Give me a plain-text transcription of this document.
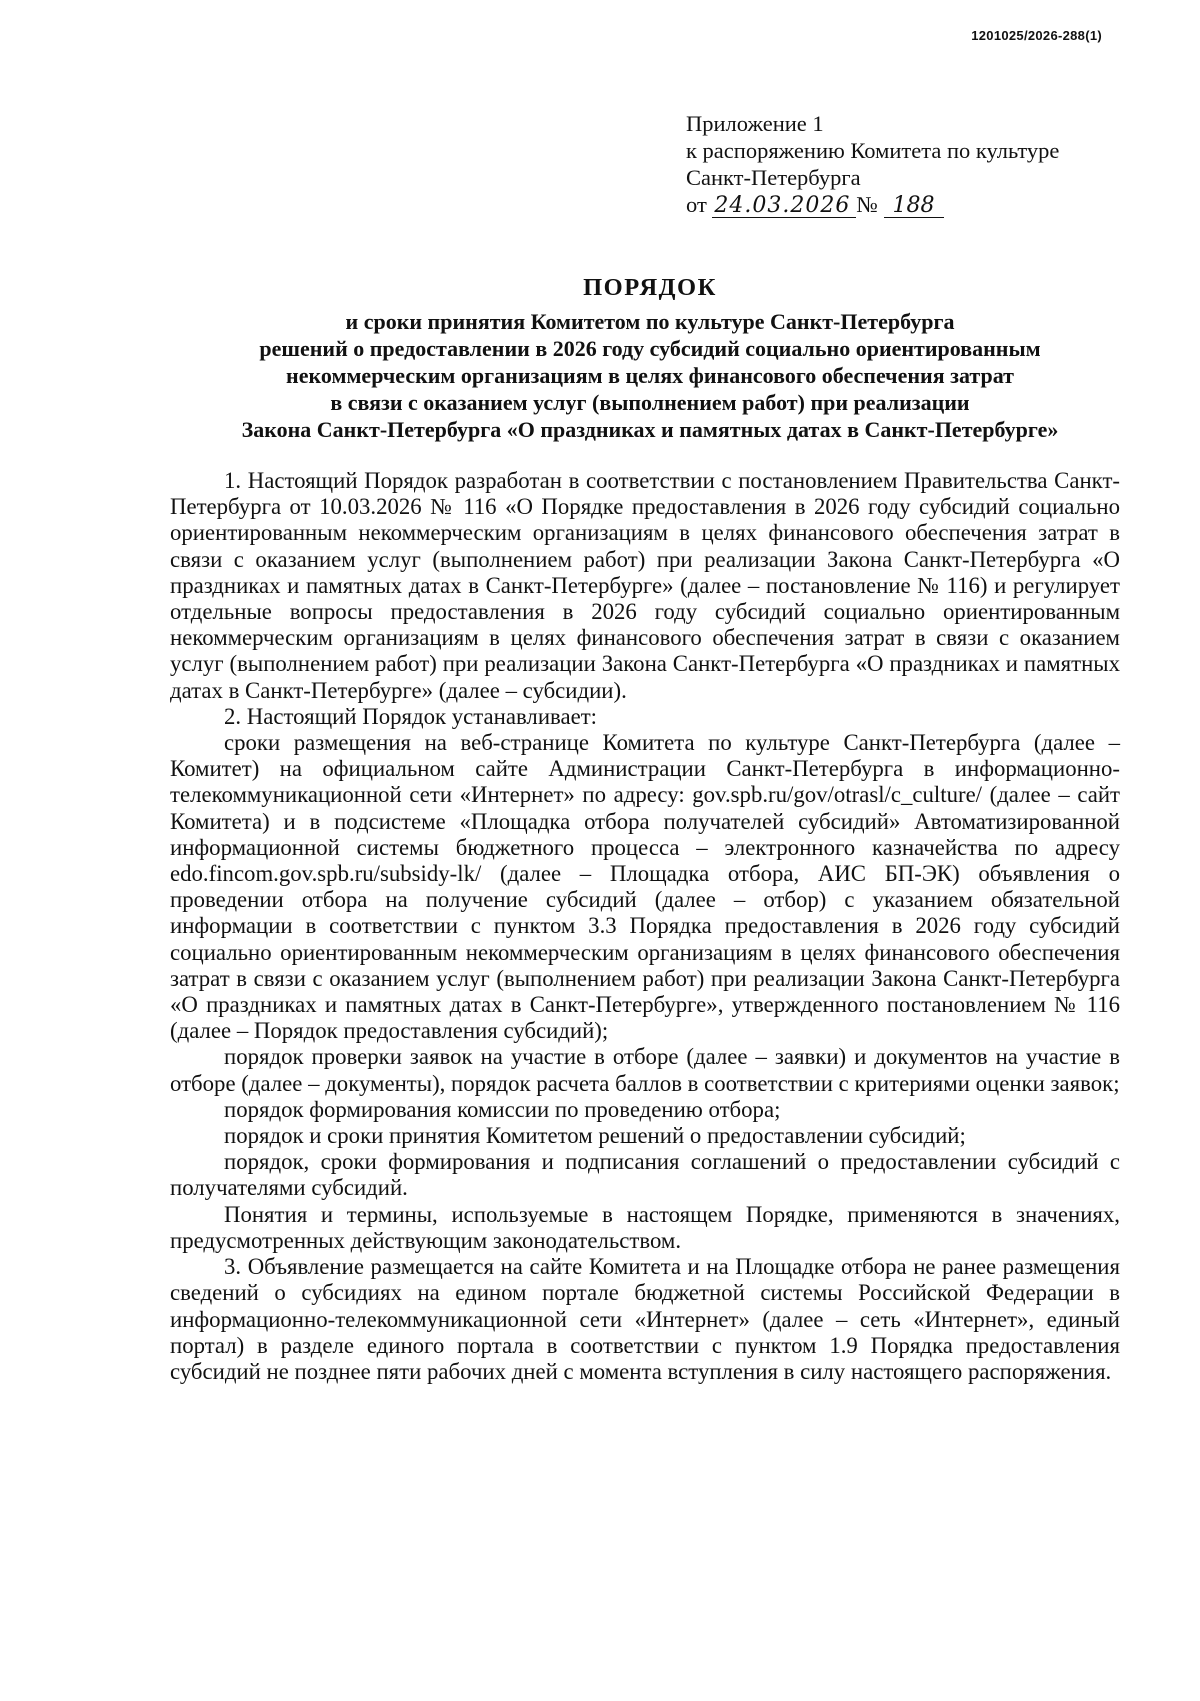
1201025/2026-288(1)
Приложение 1
к распоряжению Комитета по культуре
Санкт-Петербурга
от 24.03.2026 № 188
ПОРЯДОК
и сроки принятия Комитетом по культуре Санкт-Петербурга
решений о предоставлении в 2026 году субсидий социально ориентированным
некоммерческим организациям в целях финансового обеспечения затрат
в связи с оказанием услуг (выполнением работ) при реализации
Закона Санкт-Петербурга «О праздниках и памятных датах в Санкт-Петербурге»

1. Настоящий Порядок разработан в соответствии с постановлением Правительства Санкт-Петербурга от 10.03.2026 № 116 «О Порядке предоставления в 2026 году субсидий социально ориентированным некоммерческим организациям в целях финансового обеспечения затрат в связи с оказанием услуг (выполнением работ) при реализации Закона Санкт-Петербурга «О праздниках и памятных датах в Санкт-Петербурге» (далее – постановление № 116) и регулирует отдельные вопросы предоставления в 2026 году субсидий социально ориентированным некоммерческим организациям в целях финансового обеспечения затрат в связи с оказанием услуг (выполнением работ) при реализации Закона Санкт-Петербурга «О праздниках и памятных датах в Санкт-Петербурге» (далее – субсидии).

2. Настоящий Порядок устанавливает:

сроки размещения на веб-странице Комитета по культуре Санкт-Петербурга (далее – Комитет) на официальном сайте Администрации Санкт-Петербурга в информационно-телекоммуникационной сети «Интернет» по адресу: gov.spb.ru/gov/otrasl/c_culture/ (далее – сайт Комитета) и в подсистеме «Площадка отбора получателей субсидий» Автоматизированной информационной системы бюджетного процесса – электронного казначейства по адресу edo.fincom.gov.spb.ru/subsidy-lk/ (далее – Площадка отбора, АИС БП-ЭК) объявления о проведении отбора на получение субсидий (далее – отбор) с указанием обязательной информации в соответствии с пунктом 3.3 Порядка предоставления в 2026 году субсидий социально ориентированным некоммерческим организациям в целях финансового обеспечения затрат в связи с оказанием услуг (выполнением работ) при реализации Закона Санкт-Петербурга «О праздниках и памятных датах в Санкт-Петербурге», утвержденного постановлением № 116 (далее – Порядок предоставления субсидий);

порядок проверки заявок на участие в отборе (далее – заявки) и документов на участие в отборе (далее – документы), порядок расчета баллов в соответствии с критериями оценки заявок;

порядок формирования комиссии по проведению отбора;

порядок и сроки принятия Комитетом решений о предоставлении субсидий;

порядок, сроки формирования и подписания соглашений о предоставлении субсидий с получателями субсидий.

Понятия и термины, используемые в настоящем Порядке, применяются в значениях, предусмотренных действующим законодательством.

3. Объявление размещается на сайте Комитета и на Площадке отбора не ранее размещения сведений о субсидиях на едином портале бюджетной системы Российской Федерации в информационно-телекоммуникационной сети «Интернет» (далее – сеть «Интернет», единый портал) в разделе единого портала в соответствии с пунктом 1.9 Порядка предоставления субсидий не позднее пяти рабочих дней с момента вступления в силу настоящего распоряжения.
